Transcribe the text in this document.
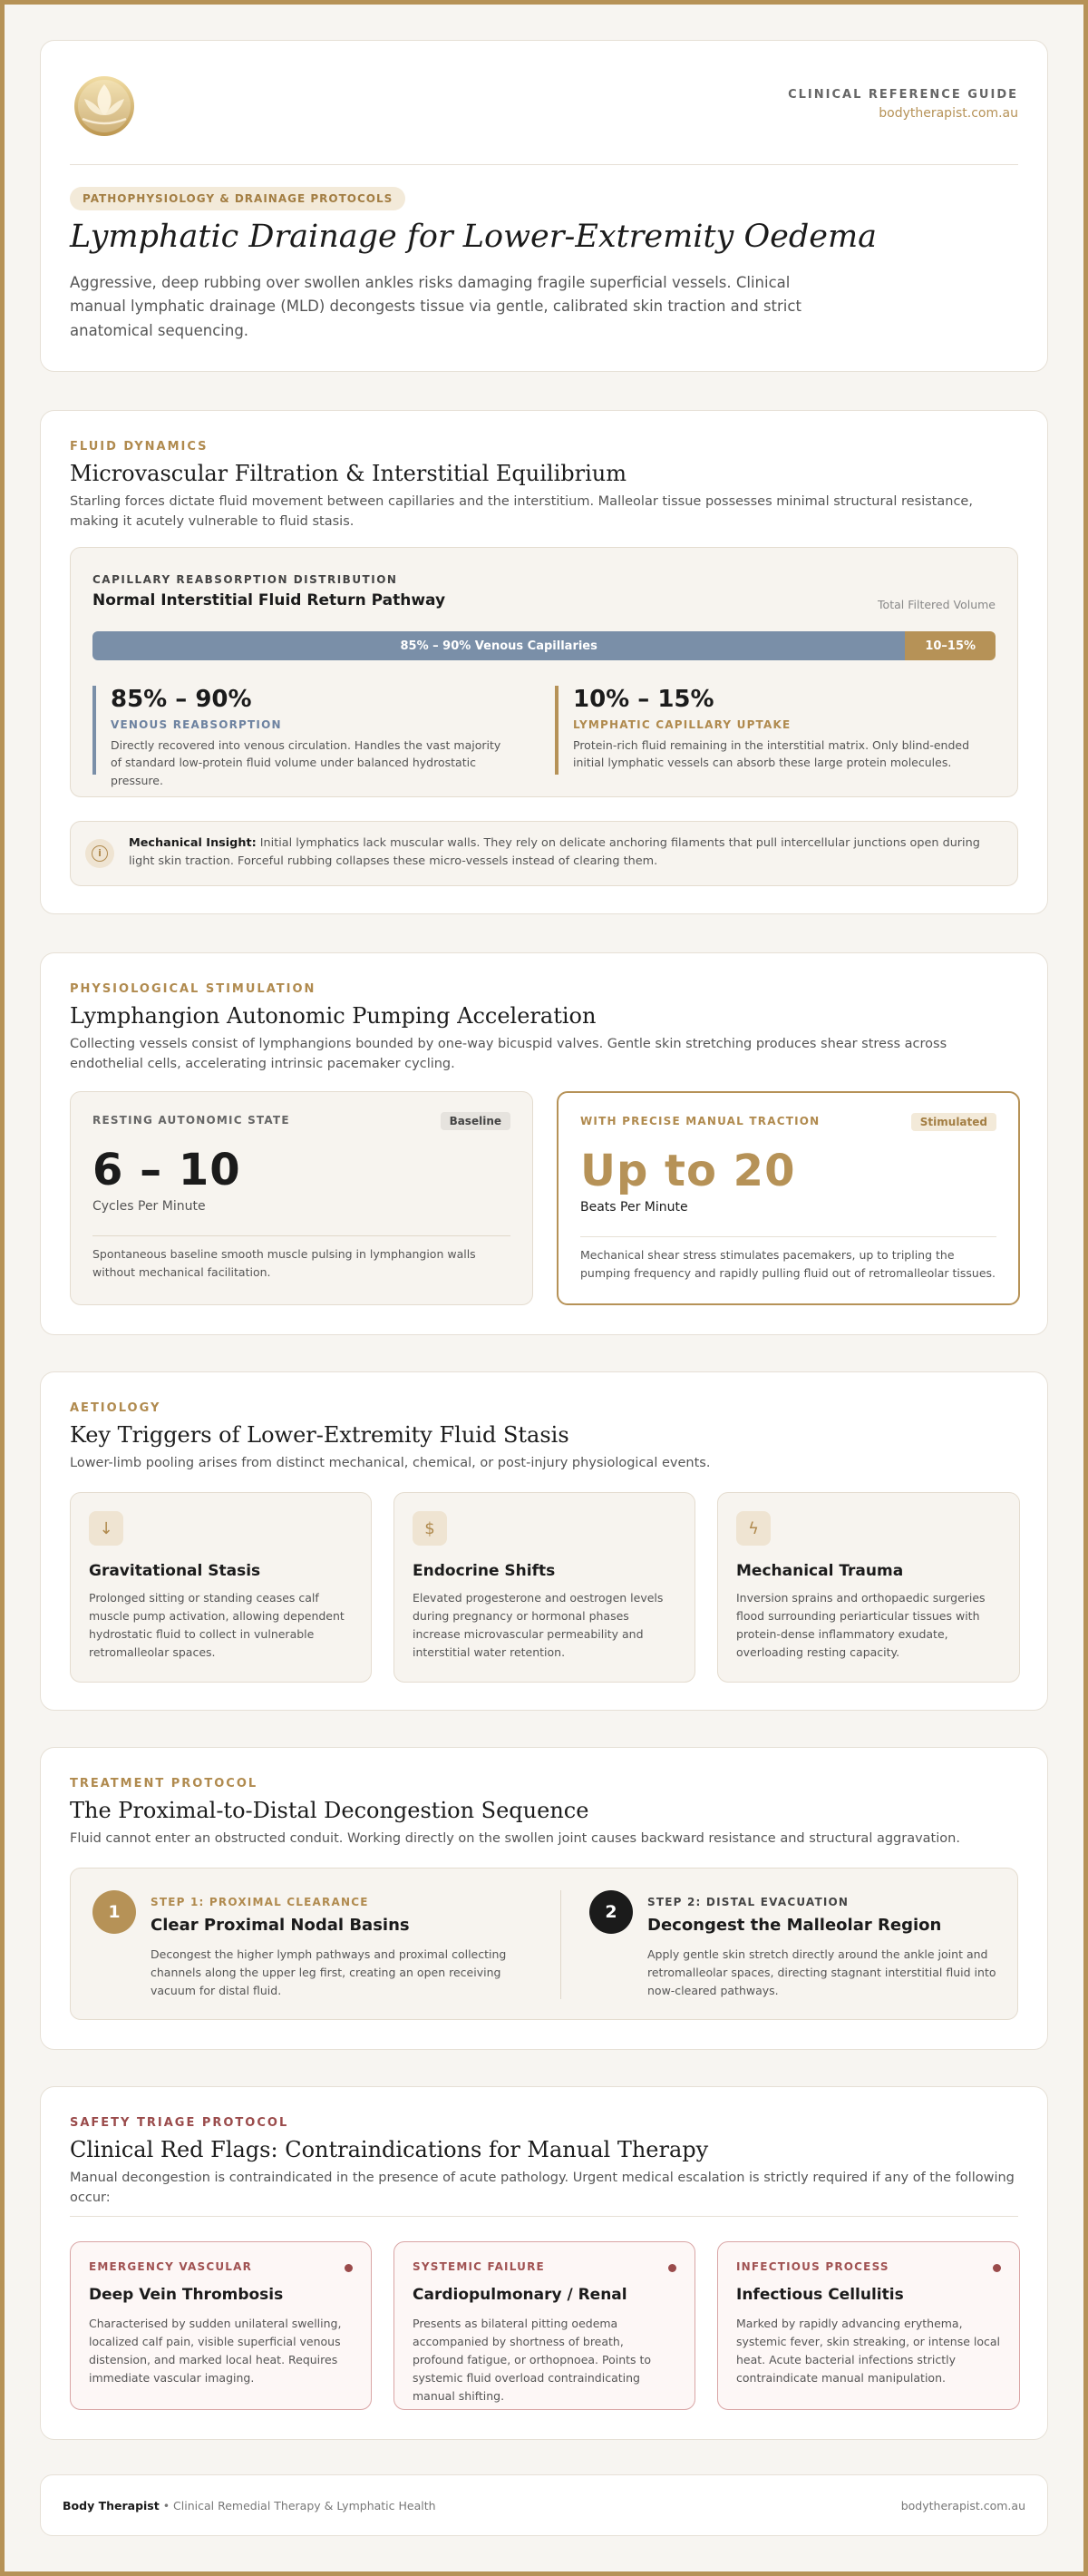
CLINICAL REFERENCE GUIDE
bodytherapist.com.au
PATHOPHYSIOLOGY & DRAINAGE PROTOCOLS
Lymphatic Drainage for Lower-Extremity Oedema
Aggressive, deep rubbing over swollen ankles risks damaging fragile superficial vessels. Clinical manual lymphatic drainage (MLD) decongests tissue via gentle, calibrated skin traction and strict anatomical sequencing.
FLUID DYNAMICS
Microvascular Filtration & Interstitial Equilibrium
Starling forces dictate fluid movement between capillaries and the interstitium. Malleolar tissue possesses minimal structural resistance, making it acutely vulnerable to fluid stasis.
CAPILLARY REABSORPTION DISTRIBUTION
Normal Interstitial Fluid Return Pathway	Total Filtered Volume
85% – 90% Venous Capillaries	10–15%
85% – 90%
VENOUS REABSORPTION
Directly recovered into venous circulation. Handles the vast majority of standard low-protein fluid volume under balanced hydrostatic pressure.
10% – 15%
LYMPHATIC CAPILLARY UPTAKE
Protein-rich fluid remaining in the interstitial matrix. Only blind-ended initial lymphatic vessels can absorb these large protein molecules.
i
Mechanical Insight: Initial lymphatics lack muscular walls. They rely on delicate anchoring filaments that pull intercellular junctions open during light skin traction. Forceful rubbing collapses these micro-vessels instead of clearing them.
PHYSIOLOGICAL STIMULATION
Lymphangion Autonomic Pumping Acceleration
Collecting vessels consist of lymphangions bounded by one-way bicuspid valves. Gentle skin stretching produces shear stress across endothelial cells, accelerating intrinsic pacemaker cycling.
RESTING AUTONOMIC STATE	Baseline
6 – 10
Cycles Per Minute
Spontaneous baseline smooth muscle pulsing in lymphangion walls without mechanical facilitation.
WITH PRECISE MANUAL TRACTION	Stimulated
Up to 20
Beats Per Minute
Mechanical shear stress stimulates pacemakers, up to tripling the pumping frequency and rapidly pulling fluid out of retromalleolar tissues.
AETIOLOGY
Key Triggers of Lower-Extremity Fluid Stasis
Lower-limb pooling arises from distinct mechanical, chemical, or post-injury physiological events.
↓
Gravitational Stasis
Prolonged sitting or standing ceases calf muscle pump activation, allowing dependent hydrostatic fluid to collect in vulnerable retromalleolar spaces.
$
Endocrine Shifts
Elevated progesterone and oestrogen levels during pregnancy or hormonal phases increase microvascular permeability and interstitial water retention.
ϟ
Mechanical Trauma
Inversion sprains and orthopaedic surgeries flood surrounding periarticular tissues with protein-dense inflammatory exudate, overloading resting capacity.
TREATMENT PROTOCOL
The Proximal-to-Distal Decongestion Sequence
Fluid cannot enter an obstructed conduit. Working directly on the swollen joint causes backward resistance and structural aggravation.
1	STEP 1: PROXIMAL CLEARANCE
Clear Proximal Nodal Basins
Decongest the higher lymph pathways and proximal collecting channels along the upper leg first, creating an open receiving vacuum for distal fluid.
2	STEP 2: DISTAL EVACUATION
Decongest the Malleolar Region
Apply gentle skin stretch directly around the ankle joint and retromalleolar spaces, directing stagnant interstitial fluid into now-cleared pathways.
SAFETY TRIAGE PROTOCOL
Clinical Red Flags: Contraindications for Manual Therapy
Manual decongestion is contraindicated in the presence of acute pathology. Urgent medical escalation is strictly required if any of the following occur:
EMERGENCY VASCULAR
Deep Vein Thrombosis
Characterised by sudden unilateral swelling, localized calf pain, visible superficial venous distension, and marked local heat. Requires immediate vascular imaging.
SYSTEMIC FAILURE
Cardiopulmonary / Renal
Presents as bilateral pitting oedema accompanied by shortness of breath, profound fatigue, or orthopnoea. Points to systemic fluid overload contraindicating manual shifting.
INFECTIOUS PROCESS
Infectious Cellulitis
Marked by rapidly advancing erythema, systemic fever, skin streaking, or intense local heat. Acute bacterial infections strictly contraindicate manual manipulation.
Body Therapist • Clinical Remedial Therapy & Lymphatic Health	bodytherapist.com.au
